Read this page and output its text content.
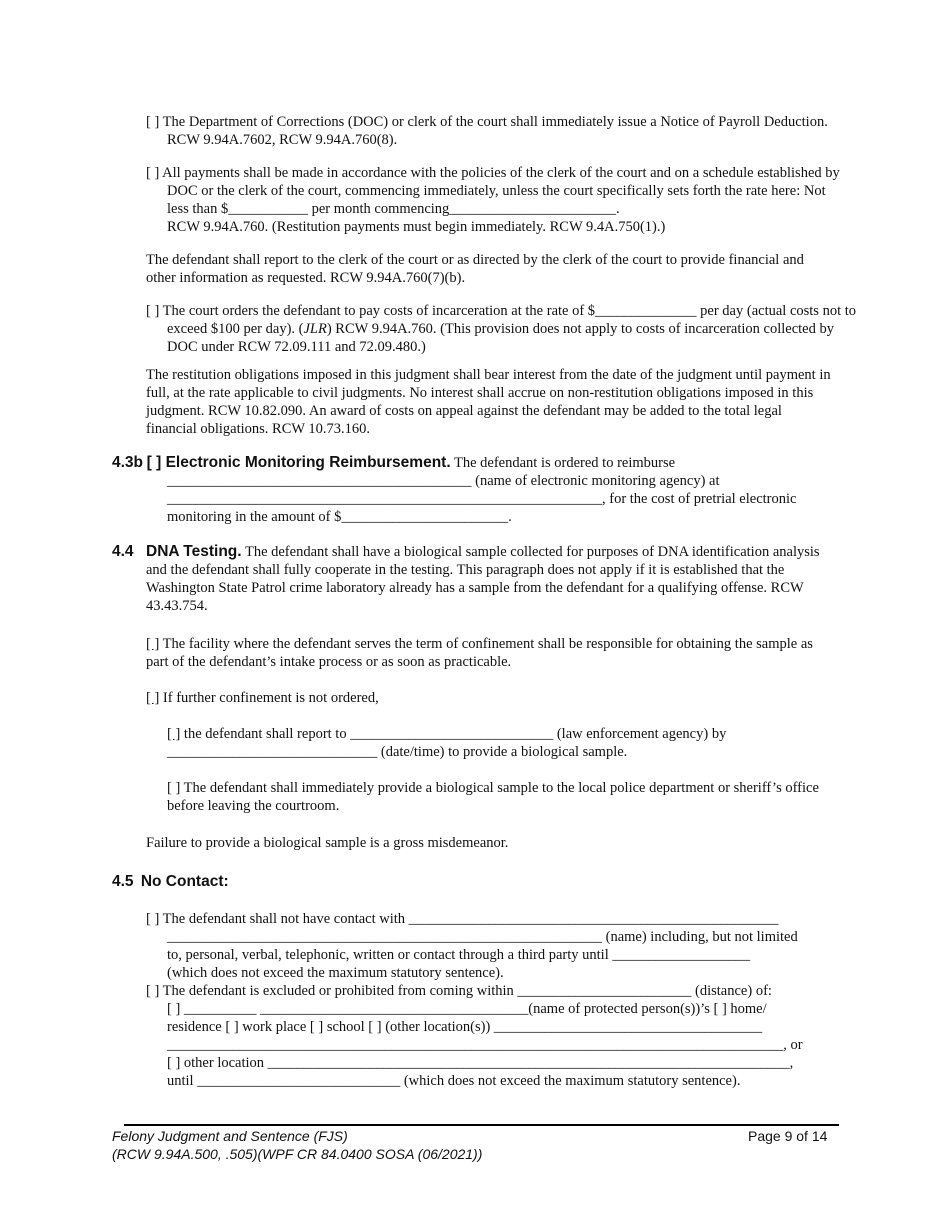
[ ] The Department of Corrections (DOC) or clerk of the court shall immediately issue a Notice of Payroll Deduction. RCW 9.94A.7602, RCW 9.94A.760(8).

[ ] All payments shall be made in accordance with the policies of the clerk of the court and on a schedule established by DOC or the clerk of the court, commencing immediately, unless the court specifically sets forth the rate here: Not less than $___________ per month commencing_______________________.

RCW 9.94A.760. (Restitution payments must begin immediately. RCW 9.4A.750(1).)

The defendant shall report to the clerk of the court or as directed by the clerk of the court to provide financial and other information as requested. RCW 9.94A.760(7)(b).

[ ] The court orders the defendant to pay costs of incarceration at the rate of $______________ per day (actual costs not to exceed $100 per day). (JLR) RCW 9.94A.760. (This provision does not apply to costs of incarceration collected by DOC under RCW 72.09.111 and 72.09.480.)

The restitution obligations imposed in this judgment shall bear interest from the date of the judgment until payment in full, at the rate applicable to civil judgments. No interest shall accrue on non-restitution obligations imposed in this judgment. RCW 10.82.090. An award of costs on appeal against the defendant may be added to the total legal financial obligations. RCW 10.73.160.

4.3b [ ] Electronic Monitoring Reimbursement. The defendant is ordered to reimburse
__________________________________________ (name of electronic monitoring agency) at
____________________________________________________________, for the cost of pretrial electronic
monitoring in the amount of $_______________________.
4.4 DNA Testing. The defendant shall have a biological sample collected for purposes of DNA identification analysis and the defendant shall fully cooperate in the testing. This paragraph does not apply if it is established that the Washington State Patrol crime laboratory already has a sample from the defendant for a qualifying offense. RCW 43.43.754.

[ ] The facility where the defendant serves the term of confinement shall be responsible for obtaining the sample as part of the defendant’s intake process or as soon as practicable.

[ ] If further confinement is not ordered,

[ ] the defendant shall report to ____________________________ (law enforcement agency) by _____________________________ (date/time) to provide a biological sample.

[ ] The defendant shall immediately provide a biological sample to the local police department or sheriff’s office before leaving the courtroom.

Failure to provide a biological sample is a gross misdemeanor.

4.5 No Contact:
[ ] The defendant shall not have contact with ___________________________________________________
____________________________________________________________ (name) including, but not limited
to, personal, verbal, telephonic, written or contact through a third party until ___________________
(which does not exceed the maximum statutory sentence).
[ ] The defendant is excluded or prohibited from coming within ________________________ (distance) of:
[ ] __________ _____________________________________(name of protected person(s))’s [ ] home/
residence [ ] work place [ ] school [ ] (other location(s)) _____________________________________
_____________________________________________________________________________________, or
[ ] other location ________________________________________________________________________,
until ____________________________ (which does not exceed the maximum statutory sentence).
Felony Judgment and Sentence (FJS)
(RCW 9.94A.500, .505)(WPF CR 84.0400 SOSA (06/2021))
Page 9 of 14
